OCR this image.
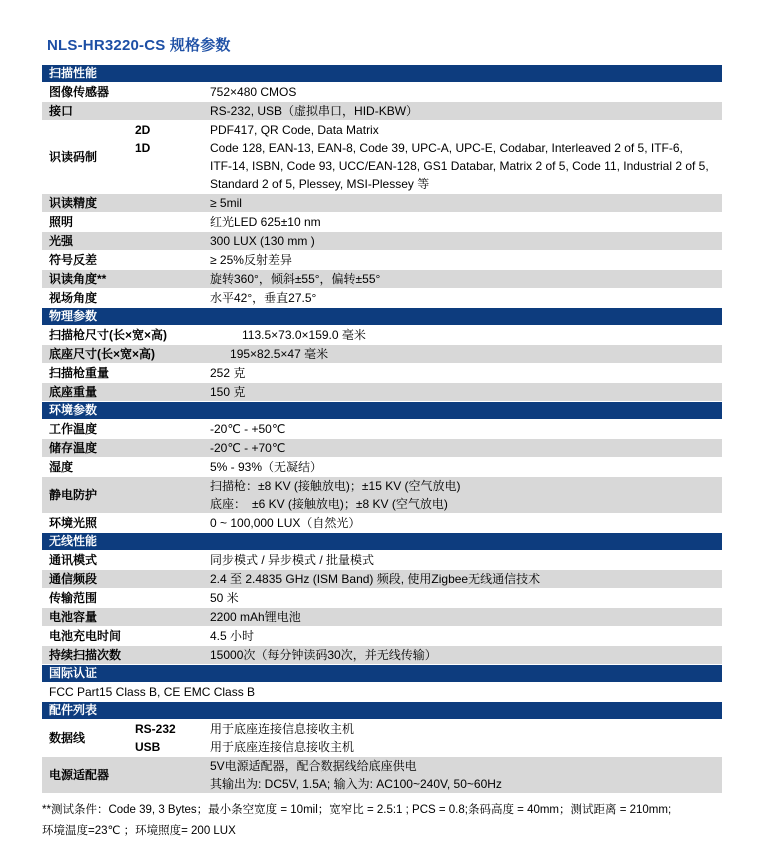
NLS-HR3220-CS 规格参数
扫描性能
图像传感器	752×480 CMOS
接口	RS-232, USB（虚拟串口，HID-KBW）
识读码制
2D	PDF417, QR Code, Data Matrix
1D	Code 128, EAN-13, EAN-8, Code 39, UPC-A, UPC-E, Codabar, Interleaved 2 of 5, ITF-6,
ITF-14, ISBN, Code 93, UCC/EAN-128, GS1 Databar, Matrix 2 of 5, Code 11, Industrial 2 of 5,
Standard 2 of 5, Plessey, MSI-Plessey 等
识读精度	≥ 5mil
照明	红光LED 625±10 nm
光强	300 LUX (130 mm )
符号反差	≥ 25%反射差异
识读角度**	旋转360°，倾斜±55°，偏转±55°
视场角度	水平42°，垂直27.5°
物理参数
扫描枪尺寸(长×宽×高)	113.5×73.0×159.0 毫米
底座尺寸(长×宽×高)	195×82.5×47 毫米
扫描枪重量	252 克
底座重量	150 克
环境参数
工作温度	-20℃ - +50℃
储存温度	-20℃ - +70℃
湿度	5% - 93%（无凝结）
静电防护
扫描枪：±8 KV (接触放电)；±15 KV (空气放电)
底座：　±6 KV (接触放电)；±8 KV (空气放电)
环境光照	0 ~ 100,000 LUX（自然光）
无线性能
通讯模式	同步模式 / 异步模式 / 批量模式
通信频段	2.4 至 2.4835 GHz (ISM Band) 频段, 使用Zigbee无线通信技术
传输范围	50 米
电池容量	2200 mAh锂电池
电池充电时间	4.5 小时
持续扫描次数	15000次（每分钟读码30次，并无线传输）
国际认证
FCC Part15 Class B, CE EMC Class B
配件列表
数据线
RS-232	用于底座连接信息接收主机
USB	用于底座连接信息接收主机
电源适配器
5V电源适配器，配合数据线给底座供电
其输出为: DC5V, 1.5A; 输入为: AC100~240V, 50~60Hz
**测试条件：Code 39, 3 Bytes；最小条空宽度 = 10mil；宽窄比 = 2.5:1 ; PCS = 0.8;条码高度 = 40mm；测试距离 = 210mm;
环境温度=23℃ ；环境照度= 200 LUX
